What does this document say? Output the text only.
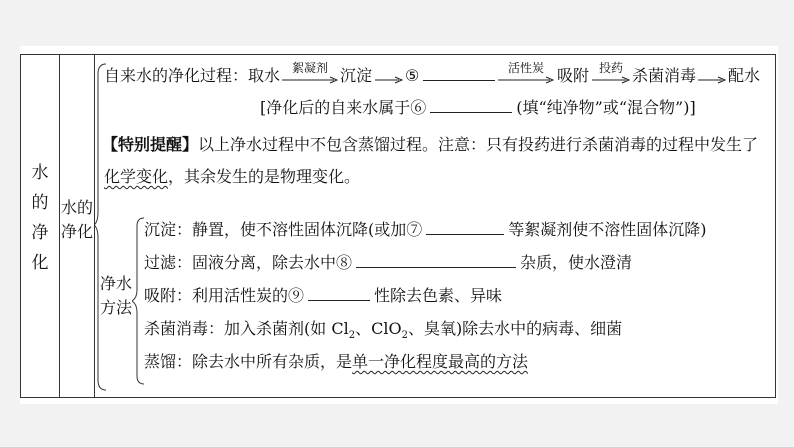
水
的
净
化
水的净化
自来水的净化过程：取水 絮凝剂 沉淀 ⑤	活性炭 吸附 投药 杀菌消毒 配水
[净化后的自来水属于⑥	(填“纯净物”或“混合物”)]
【特别提醒】以上净水过程中不包含蒸馏过程。注意：只有投药进行杀菌消毒的过程中发生了
化学变化，其余发生的是物理变化。
净水方法
沉淀：静置，使不溶性固体沉降(或加⑦	等絮凝剂使不溶性固体沉降)
过滤：固液分离，除去水中⑧	杂质，使水澄清
吸附：利用活性炭的⑨	性除去色素、异味
杀菌消毒：加入杀菌剂(如 $Cl_2$、ClO$_2$、臭氧)除去水中的病毒、细菌
蒸馏：除去水中所有杂质，是单一净化程度最高的方法
